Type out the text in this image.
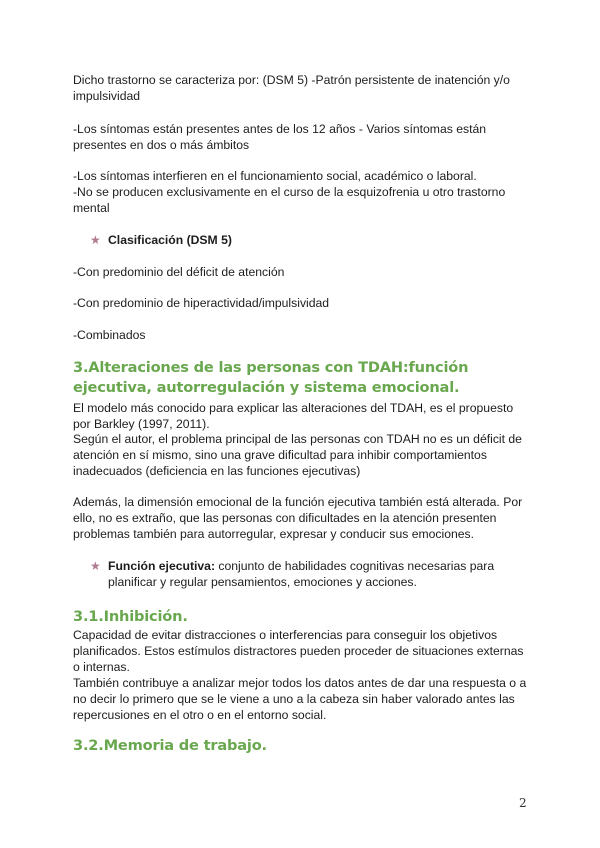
Dicho trastorno se caracteriza por: (DSM 5) -Patrón persistente de inatención y/o impulsividad

-Los síntomas están presentes antes de los 12 años - Varios síntomas están presentes en dos o más ámbitos

-Los síntomas interfieren en el funcionamiento social, académico o laboral.

-No se producen exclusivamente en el curso de la esquizofrenia u otro trastorno mental

★ Clasificación (DSM 5)

-Con predominio del déficit de atención

-Con predominio de hiperactividad/impulsividad

-Combinados

3.Alteraciones de las personas con TDAH:función ejecutiva, autorregulación y sistema emocional.

El modelo más conocido para explicar las alteraciones del TDAH, es el propuesto por Barkley (1997, 2011).

Según el autor, el problema principal de las personas con TDAH no es un déficit de atención en sí mismo, sino una grave dificultad para inhibir comportamientos inadecuados (deficiencia en las funciones ejecutivas)

Además, la dimensión emocional de la función ejecutiva también está alterada. Por ello, no es extraño, que las personas con dificultades en la atención presenten problemas también para autorregular, expresar y conducir sus emociones.

★ Función ejecutiva: conjunto de habilidades cognitivas necesarias para planificar y regular pensamientos, emociones y acciones.
3.1.Inhibición.

Capacidad de evitar distracciones o interferencias para conseguir los objetivos planificados. Estos estímulos distractores pueden proceder de situaciones externas o internas.

También contribuye a analizar mejor todos los datos antes de dar una respuesta o a no decir lo primero que se le viene a uno a la cabeza sin haber valorado antes las repercusiones en el otro o en el entorno social.

3.2.Memoria de trabajo.
2
